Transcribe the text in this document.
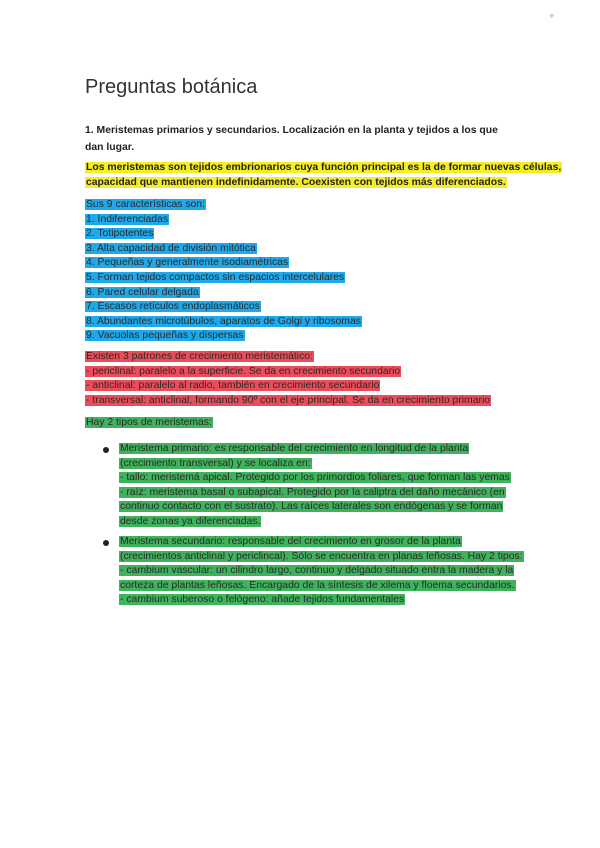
✦
Preguntas botánica
1. Meristemas primarios y secundarios. Localización en la planta y tejidos a los que dan lugar.
Los meristemas son tejidos embrionarios cuya función principal es la de formar nuevas células,
capacidad que mantienen indefinidamente. Coexisten con tejidos más diferenciados.
Sus 9 características son:
1. Indiferenciadas
2. Totipotentes
3. Alta capacidad de división mitótica
4. Pequeñas y generalmente isodiamétricas
5. Forman tejidos compactos sin espacios intercelulares
6. Pared celular delgada
7. Escasos retículos endoplasmáticos
8. Abundantes microtúbulos, aparatos de Golgi y ribosomas
9. Vacuolas pequeñas y dispersas
Existen 3 patrones de crecimiento meristemático:
- periclinal: paralelo a la superficie. Se da en crecimiento secundario
- anticlinal: paralelo al radio, también en crecimiento secundario
- transversal: anticlinal, formando 90º con el eje principal. Se da en crecimiento primario
Hay 2 tipos de meristemas:
Meristema primario: es responsable del crecimiento en longitud de la planta
(crecimiento transversal) y se localiza en:
- tallo: meristemá apical. Protegido por los primordios foliares, que forman las yemas
- raíz: meristema basal o subapical. Protegido por la caliptra del daño mecánico (en
continuo contacto con el sustrato). Las raíces laterales son endógenas y se forman
desde zonas ya diferenciadas.
Meristema secundario: responsable del crecimiento en grosor de la planta
(crecimientos anticlinal y periclincal). Sólo se encuentra en planas leñosas. Hay 2 tipos:
- cambium vascular: un cilindro largo, continuo y delgado situado entra la madera y la
corteza de plantas leñosas. Encargado de la síntesis de xilema y floema secundarios.
- cambium suberoso o felógeno: añade tejidos fundamentales
